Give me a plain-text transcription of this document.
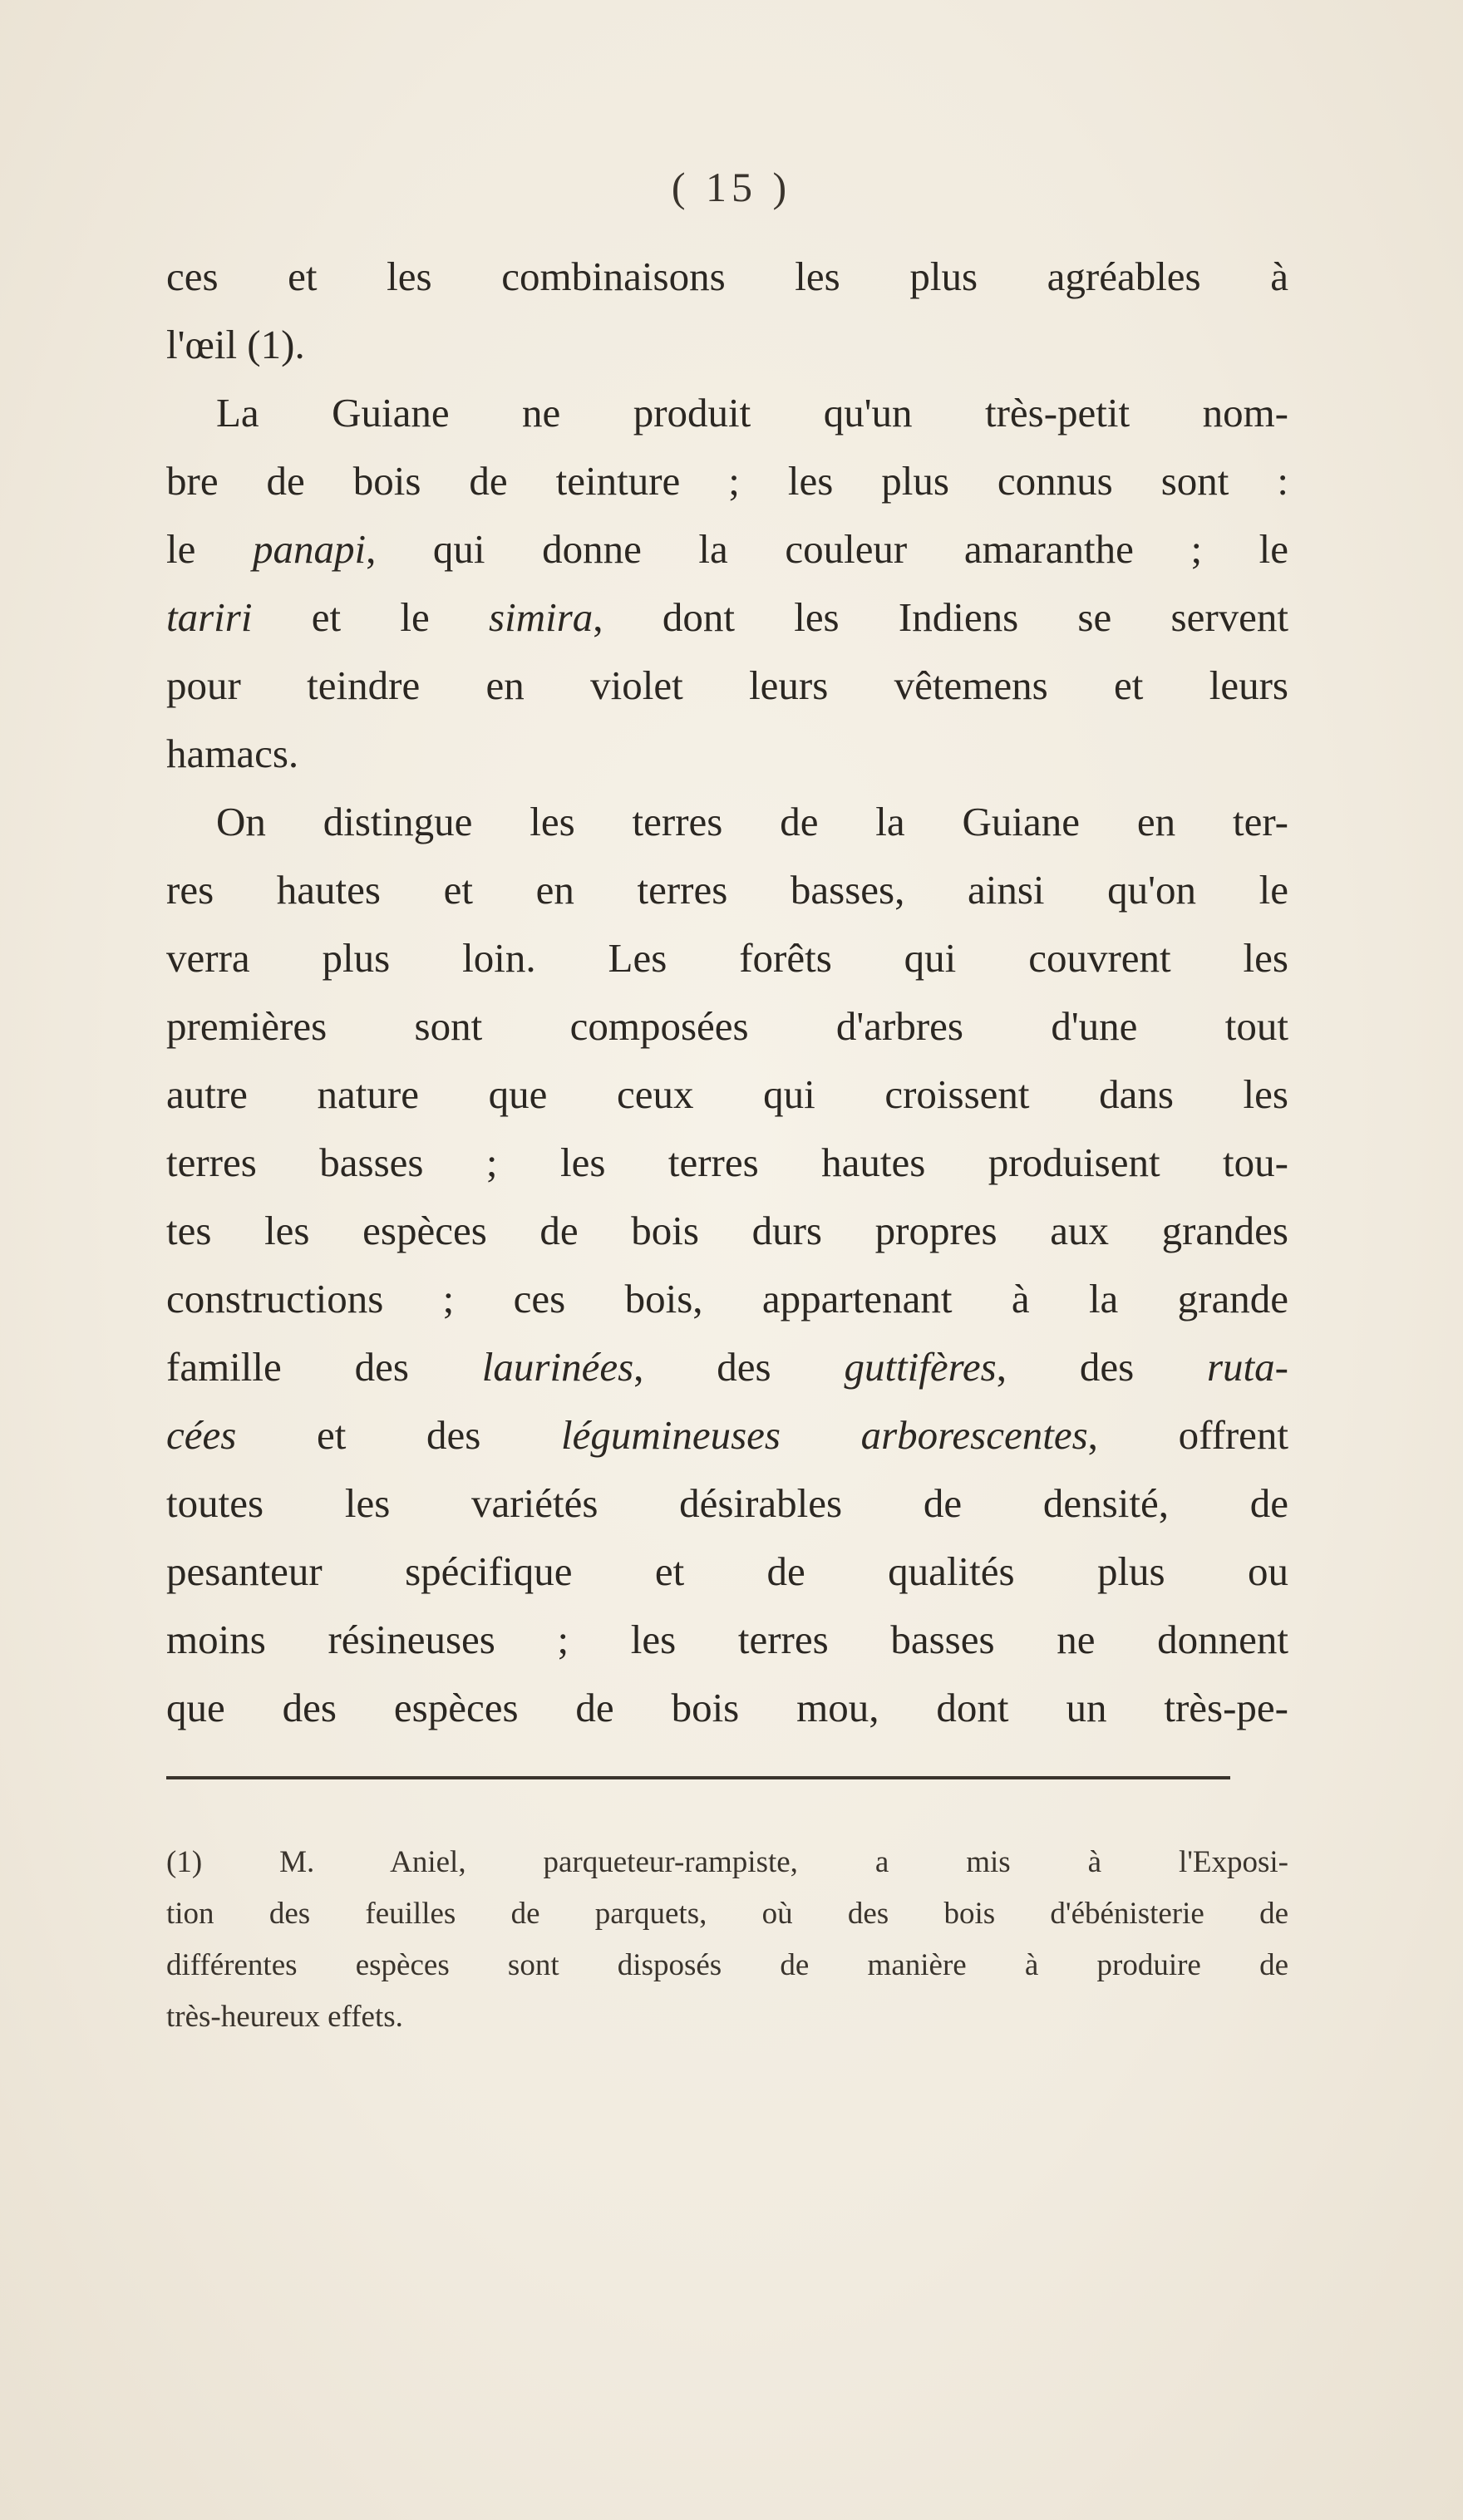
( 15 )
ces et les combinaisons les plus agréables à
l'œil (1).
La Guiane ne produit qu'un très-petit nom-
bre de bois de teinture ; les plus connus sont :
le panapi, qui donne la couleur amaranthe ; le
tariri et le simira, dont les Indiens se servent
pour teindre en violet leurs vêtemens et leurs
hamacs.
On distingue les terres de la Guiane en ter-
res hautes et en terres basses, ainsi qu'on le
verra plus loin. Les forêts qui couvrent les
premières sont composées d'arbres d'une tout
autre nature que ceux qui croissent dans les
terres basses ; les terres hautes produisent tou-
tes les espèces de bois durs propres aux grandes
constructions ; ces bois, appartenant à la grande
famille des laurinées, des guttifères, des ruta-
cées et des légumineuses arborescentes, offrent
toutes les variétés désirables de densité, de
pesanteur spécifique et de qualités plus ou
moins résineuses ; les terres basses ne donnent
que des espèces de bois mou, dont un très-pe-
(1) M. Aniel, parqueteur-rampiste, a mis à l'Exposi-
tion des feuilles de parquets, où des bois d'ébénisterie de
différentes espèces sont disposés de manière à produire de
très-heureux effets.
